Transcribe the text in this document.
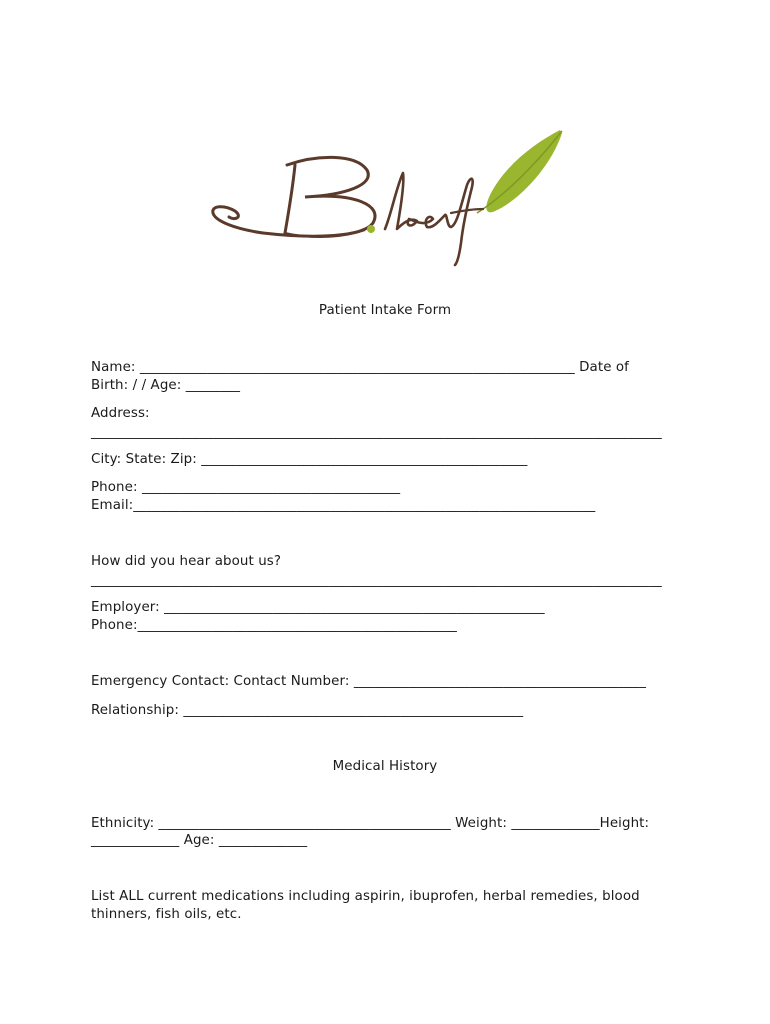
Patient Intake Form
Name: ________________________________________________________________ Date of
Birth: / / Age: ________
Address:
____________________________________________________________________________________
City: State: Zip: ________________________________________________
Phone: ______________________________________
Email:____________________________________________________________________
How did you hear about us?
____________________________________________________________________________________
Employer: ________________________________________________________
Phone:_______________________________________________
Emergency Contact: Contact Number: ___________________________________________
Relationship: __________________________________________________
Medical History
Ethnicity: ___________________________________________ Weight: _____________Height:
_____________ Age: _____________
List ALL current medications including aspirin, ibuprofen, herbal remedies, blood
thinners, fish oils, etc.
